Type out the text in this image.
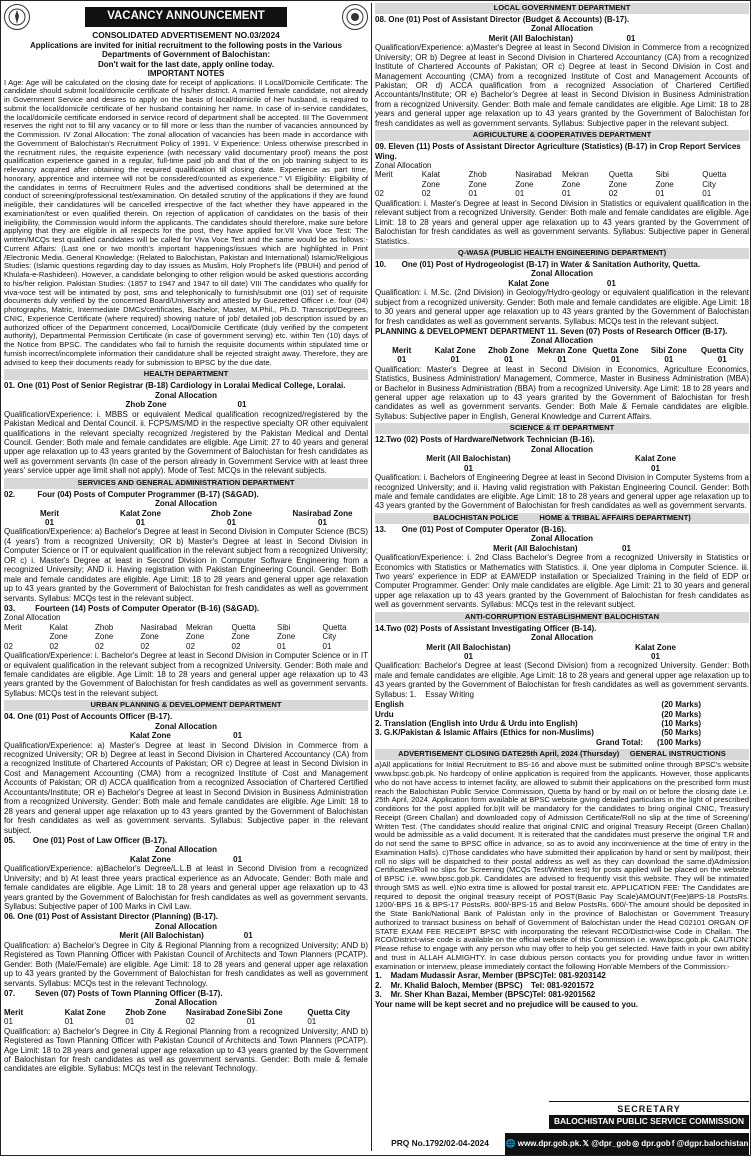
VACANCY ANNOUNCEMENT
CONSOLIDATED ADVERTISEMENT NO.03/2024
Applications are invited for initial recruitment to the following posts in the Various
Departments of Government of Balochistan:
Don't wait for the last date, apply online today.
IMPORTANT NOTES
I Age: Age will be calculated on the closing date for receipt of applications. II Local/Domicile Certificate: The candidate should submit local/domicile certificate of his/her district. A married female candidate, not already in Government Service and desires to apply on the basis of local/domicile of her husband, is required to submit the local/domicile certificate of her husband containing her name. In case of in-service candidates, the local/domicile certificate endorsed in service record of department shall be accepted. III The Government reserves the right not to fill any vacancy or to fill more or less than the number of vacancies announced by the Commission. IV Zonal Allocation: The zonal allocation of vacancies has been made in accordance with the Government of Balochistan's Recruitment Policy of 1991. V Experience: Unless otherwise prescribed in the recruitment rules, the requisite experience (with necessary valid documentary proof) means the post qualification experience gained in a regular, full-time paid job and that of the on job training subject to its relevancy acquired after obtaining the required qualification till closing date. Experience as part time, honorary, apprentice and internee will not be considered/counted as experience." VI Eligibility: Eligibility of the candidates in terms of Recruitment Rules and the advertised conditions shall be determined at the conduct of screening/professional test/examination. On detailed scrutiny of the applications if they are found ineligible, their candidatures will be cancelled irrespective of the fact whether they have appeared in the examination/test or even qualified therein. On rejection of application of candidates on the basis of their ineligibility, the Commission would inform the applicants. The candidates should therefore, make sure before applying that they are eligible in all respects for the post, they have applied for.VII Viva Voce Test: The written/MCQs test qualified candidates will be called for Viva Voce Test and the same would be as follows:- Current Affairs: (Last one or two month's important happenings/issues which are highlighted in Print /Electronic Media. General Knowledge: (Related to Balochistan, Pakistan and International) Islamic/Religious Studies: (Islamic questions regarding day to day issues as Muslim, Holy Prophet's life (PBUH) and period of Khulafa-e-Rashideen). However, a candidate belonging to other religion would be asked questions according to his/her religion. Pakistan Studies: (1857 to 1947 and 1947 to till date) VIII The candidates who qualify for viva-voce test will be intimated by post, sms and telephonically to furnish/submit one (01) set of requisite documents duly verified by the concerned Board/University and attested by Guezetted Officer i.e. four (04) photographs, Matric, Intermediate DMCs/certificates, Bachelor, Master, M.Phil., Ph.D. Transcript/Degrees, CNIC, Experience Certificate (where required) showing nature of job/ detailed job description issued by an authorized officer of the Department concerned, Local/Domicile Certificate (duly verified by the competent authority), Departmental Permission Certificate (in case of government serving) etc. within Ten (10) days of the Notice from BPSC. The candidates who fail to furnish the requisite documents within stipulated time or furnish incorrect/incomplete information their candidature shall be rejected straight away. Therefore, they are advised to keep their documents ready for submission to BPSC by the due date.
HEALTH DEPARTMENT
01. One (01) Post of Senior Registrar (B-18) Cardiology in Loralai Medical College, Loralai.
Zonal Allocation
Zhob Zone                                01
Qualification/Experience: i. MBBS or equivalent Medical qualification recognized/registered by the Pakistan Medical and Dental Council. ii. FCPS/MS/MD in the respective specialty OR other equivalent qualifications in the relevant specialty recognized /registered by the Pakistan Medical and Dental Council. Gender: Both male and female candidates are eligible. Age Limit: 27 to 40 years and general upper age relaxation up to 43 years granted by the Government of Balochistan for fresh candidates as well as government servants (In case of the person already in Government Service with at least three years' service upper age limit shall not apply). Mode of Test: MCQs in the relevant subjects.
SERVICES AND GENERAL ADMINISTRATION DEPARTMENT
02.          Four (04) Posts of Computer Programmer (B-17) (S&GAD).
Zonal Allocation
Merit	Kalat Zone	Zhob Zone	Nasirabad Zone
01	01	01	01
Qualification/Experience: a) Bachelor's Degree at least in Second Division in Computer Science (BCS) (4 years') from a recognized University; OR b) Master's Degree at least in Second Division in Computer Science or IT or equivalent qualification in the relevant subject from a recognized University; OR c) i. Master's Degree at least in Second Division in Computer Software Engineering from a recognized University; AND ii. Having registration with Pakistan Engineering Council. Gender: Both male and female candidates are eligible. Age Limit: 18 to 28 years and general upper age relaxation up to 43 years granted by the Government of Balochistan for fresh candidates as well as government servants. Syllabus: MCQs test in the relevant subject.
03.         Fourteen (14) Posts of Computer Operator (B-16) (S&GAD).
Zonal Allocation
Merit	Kalat	Zhob	Nasirabad	Mekran	Quetta	Sibi	Quetta
Zone	Zone	Zone	Zone	Zone	Zone	City
02	02	02	02	02	02	01	01
Qualification/Experience: i. Bachelor's Degree at least in Second Division in Computer Science or in IT or equivalent qualification in the relevant subject from a recognized University. Gender: Both male and female candidates are eligible. Age Limit: 18 to 28 years and general upper age relaxation up to 43 years granted by the Government of Balochistan for fresh candidates as well as government servants. Syllabus: MCQs test in the relevant subject.
URBAN PLANNING & DEVELOPMENT DEPARTMENT
04. One (01) Post of Accounts Officer (B-17).
Zonal Allocation
Kalat Zone                            01
Qualification/Experience: a) Master's Degree at least in Second Division in Commerce from a recognized University; OR b) Degree at least in Second Division in Chartered Accountancy (CA) from a recognized Institute of Chartered Accounts of Pakistan; OR c) Degree at least in Second Division in Cost and Management Accounting (CMA) from a recognized Institute of Cost and Management Accounts of Pakistan; OR d) ACCA qualification from a recognized Association of Chartered Certified Accountants/Institute; OR e) Bachelor's Degree at least in Second Division in Business Administration from a recognized University. Gender: Both male and female candidates are eligible. Age Limit: 18 to 28 years and general upper age relaxation up to 43 years granted by the Government of Balochistan for fresh candidates as well as government servants. Syllabus: Subjective paper in the relevant subject.
05.        One (01) Post of Law Officer (B-17).
Zonal Allocation
Kalat Zone                            01
Qualification/Experience: a)Bachelor's Degree/L.L.B at least in Second Division from a recognized University; and b) At least three years practical experience as an Advocate. Gender: Both male and female candidates are eligible. Age Limit: 18 to 28 years and general upper age relaxation up to 43 years granted by the Government of Balochistan for fresh candidates as well as government servants. Syllabus: Subjective paper of 100 Marks in Civil Law.
06. One (01) Post of Assistant Director (Planning) (B-17).
Zonal Allocation
Merit (All Balochistan)                  01
Qualification: a) Bachelor's Degree in City & Regional Planning from a recognized University; AND b) Registered as Town Planning Officer with Pakistan Council of Architects and Town Planners (PCATP). Gender: Both (Male/Female) are eligible. Age Limit: 18 to 28 years and general upper age relaxation up to 43 years granted by the Government of Balochistan for fresh candidates as well as government servants. Syllabus: MCQs test in the relevant Technology.
07.         Seven (07) Posts of Town Planning Officer (B-17).
Zonal Allocation
Merit	Kalat Zone	Zhob Zone	Nasirabad Zone Sibi Zone	Quetta City
01	01	01	02	01	01
Qualification: a) Bachelor's Degree in City & Regional Planning from a recognized University; AND b) Registered as Town Planning Officer with Pakistan Council of Architects and Town Planners (PCATP). Age Limit: 18 to 28 years and general upper age relaxation up to 43 years granted by the Government of Balochistan for fresh candidates as well as government servants. Gender: Both male & female candidates are eligible. Syllabus: MCQs test in the relevant Technology.
LOCAL GOVERNMENT DEPARTMENT
08. One (01) Post of Assistant Director (Budget & Accounts) (B-17).
Zonal Allocation
Merit (All Balochistan)                        01
Qualification/Experience: a)Master's Degree at least in Second Division in Commerce from a recognized University; OR b) Degree at least in Second Division in Chartered Accountancy (CA) from a recognized Institute of Chartered Accounts of Pakistan; OR c) Degree at least in Second Division in Cost and Management Accounting (CMA) from a recognized Institute of Cost and Management Accounts of Pakistan; OR d) ACCA qualification from a recognized Association of Chartered Certified Accountants/Institute; OR e) Bachelor's Degree at least in Second Division in Business Administration from a recognized University. Gender: Both male and female candidates are eligible. Age Limit: 18 to 28 years and general upper age relaxation up to 43 years granted by the Government of Balochistan for fresh candidates as well as government servants. Syllabus: Subjective paper in the relevant subject.
AGRICULTURE & COOPERATIVES DEPARTMENT
09. Eleven (11) Posts of Assistant Director Agriculture (Statistics) (B-17) in Crop Report Services Wing.
Zonal Allocation
Merit	Kalat	Zhob	Nasirabad	Mekran	Quetta	Sibi	Quetta
Zone	Zone	Zone	Zone	Zone	Zone	City
02	02	01	01	01	02	01	01
Qualification: i. Master's Degree at least in Second Division in Statistics or equivalent qualification in the relevant subject from a recognized University. Gender: Both male and female candidates are eligible. Age Limit: 18 to 28 years and general upper age relaxation up to 43 years granted by the Government of Balochistan for fresh candidates as well as government servants. Syllabus: Subjective paper in General Statistics.
Q-WASA (PUBLIC HEALTH ENGINEERING DEPARTMENT)
10.       One (01) Post of Hydrogeologist (B-17) in Water & Sanitation Authority, Quetta.
Zonal Allocation
Kalat Zone                          01
Qualification: i. M.Sc. (2nd Division) in Geology/Hydro-geology or equivalent qualification in the relevant subject from a recognized university. Gender: Both male and female candidates are eligible. Age Limit: 18 to 30 years and general upper age relaxation up to 43 years granted by the Government of Balochistan for fresh candidates as well as government servants. Syllabus: MCQs test in the relevant subject.
PLANNING & DEVELOPMENT DEPARTMENT 11. Seven (07) Posts of Research Officer (B-17).
Zonal Allocation
Merit	Kalat Zone	Zhob Zone	Mekran Zone Quetta Zone	Sibi Zone	Quetta City
01	01	01	01	01	01	01
Qualification: Master's Degree at least in Second Division in Economics, Agriculture Economics, Statistics, Business Administration/ Management, Commerce, Master in Business Administration (MBA) or Bachelor in Business Administration (BBA) from a recognized University. Age Limit: 18 to 28 years and general upper age relaxation up to 43 years granted by the Government of Balochistan for fresh candidates as well as government servants. Gender: Both Male & Female candidates are eligible. Syllabus: Subjective paper in English, General Knowledge and Current Affairs.
SCIENCE & IT DEPARTMENT
12.Two (02) Posts of Hardware/Network Technician (B-16).
Zonal Allocation
Merit (All Balochistan)	Kalat Zone
01	01
Qualification: i. Bachelors of Engineering Degree at least in Second Division in Computer Systems from a recognized University; and ii. Having valid registration with Pakistan Engineering Council. Gender: Both male and female candidates are eligible. Age Limit: 18 to 28 years and general upper age relaxation up to 43 years granted by the Government of Balochistan for fresh candidates as well as government servants.
BALOCHISTAN POLICE          HOME & TRIBAL AFFAIRS DEPARTMENT)
13.       One (01) Post of Computer Operator (B-16).
Zonal Allocation
Merit (All Balochistan)                    01
Qualification/Experience: i. 2nd Class Bachelor's Degree from a recognized University in Statistics or Economics with Statistics or Mathematics with Statistics. ii. One year diploma in Computer Science. iii. Two years' experience in EDP at EAM/EDP installation or Specialized Training in the field of EDP or Computer Programmer. Gender: Only male candidates are eligible. Age Limit: 21 to 30 years and general upper age relaxation up to 43 years granted by the Government of Balochistan for fresh candidates as well as government servants. Syllabus: MCQs test in the relevant subject.
ANTI-CORRUPTION ESTABLISHMENT BALOCHISTAN
14.Two (02) Posts of Assistant Investigating Officer (B-14).
Zonal Allocation
Merit (All Balochistan)	Kalat Zone
01	01
Qualification: Bachelor's Degree at least (Second Division) from a recognized University. Gender: Both male and female candidates are eligible. Age Limit: 18 to 28 years and general upper age relaxation up to 43 years granted by the Government of Balochistan for fresh candidates as well as government servants.  Syllabus: 1.    Essay Writing
English	(20 Marks)
Urdu	(20 Marks)
2. Translation (English into Urdu & Urdu into English)	(10 Marks)
3. G.K/Pakistan & Islamic Affairs (Ethics for non-Muslims)	(50 Marks)
Grand Total: (100 Marks)
ADVERTISEMENT CLOSING DATE25th April, 2024 (Thursday)     GENERAL INSTRUCTIONS
a)All applications for Initial Recruitment to BS-16 and above must be submitted online through BPSC's website www.bpsc.gob.pk. No hardcopy of online application is required from the applicants. However, those applicants who do not have access to internet facility, are allowed to submit their applications on the prescribed form must reach the Balochistan Public Service Commission, Quetta by hand or by mail on or before the closing date i.e. 25th April, 2024. Application form available at BPSC website giving detailed particulars in the light of prescribed conditions for the post applied for.b)It will be mandatory for the candidates to bring original CNIC, Treasury Receipt (Green Challan) and downloaded copy of Admission Certificate/Roll no slip at the time of Screening/ Written Test. (The candidates should realize that original CNIC and original Treasury Receipt (Green Challan) would be admissible as a valid document. It is reiterated that the candidates must preserve the original T.R and do not send the same to BPSC office in advance, so as to avoid any inconvenience at the time of entry in the Examination Halls). c)Those candidates who have submitted their application by hand or sent by mail/post, their roll no slips will be dispatched to their postal address as well as they can download the same.d)Admission Certificates/Roll no slips for Screening (MCQs Test/Written test) for posts applied will be placed on the website of BPSC i.e. www.bpsc.gob.pk. Candidates are advised to frequently visit this website. They will be intimated through SMS as well. e)No extra time is allowed for postal transit etc. APPLICATION FEE: The Candidates are required to deposit the original treasury receipt of POST(Basic Pay Scale)AMOUNT(Fee)BPS-18 PostsRs. 1200/-BPS 16 & BPS-17 PostsRs. 800/-BPS-15 and Below PostsRs. 600/-The amount should be deposited in the State Bank/National Bank of Pakistan only in the province of Balochistan or Government Treasury authorized to transact business on behalf of Government of Balochistan under the Head C02101 ORGAN OF STATE EXAM FEE RECEIPT BPSC with incorporating the relevant RCO/District-wise Code in Challan. The RCO/District-wise code is available on the official website of this Commission i.e. www.bpsc.gob.pk. CAUTION: Please refuse to engage with any person who may offer to help you get selected. Have faith in your own ability and trust in ALLAH ALMIGHTY. In case dubious person contacts you for providing undue favor in written examination or interview, please immediately contact the following Hon'able Members of the Commission:-
1.    Madam Mudassir Asrar, Member (BPSC) Tel: 081-9203142
2.    Mr. Khalid Baloch, Member (BPSC)	Tel: 081-9201572
3.    Mr. Sher Khan Bazai, Member (BPSC) Tel: 081-9201562
Your name will be kept secret and no prejudice will be caused to you.
SECRETARY
BALOCHISTAN PUBLIC SERVICE COMMISSION
PRQ No.1792/02-04-2024	🌐 www.dpr.gob.pk. 𝕏 @dpr_gob ◎ dpr.gob f @dgpr.balochistan
